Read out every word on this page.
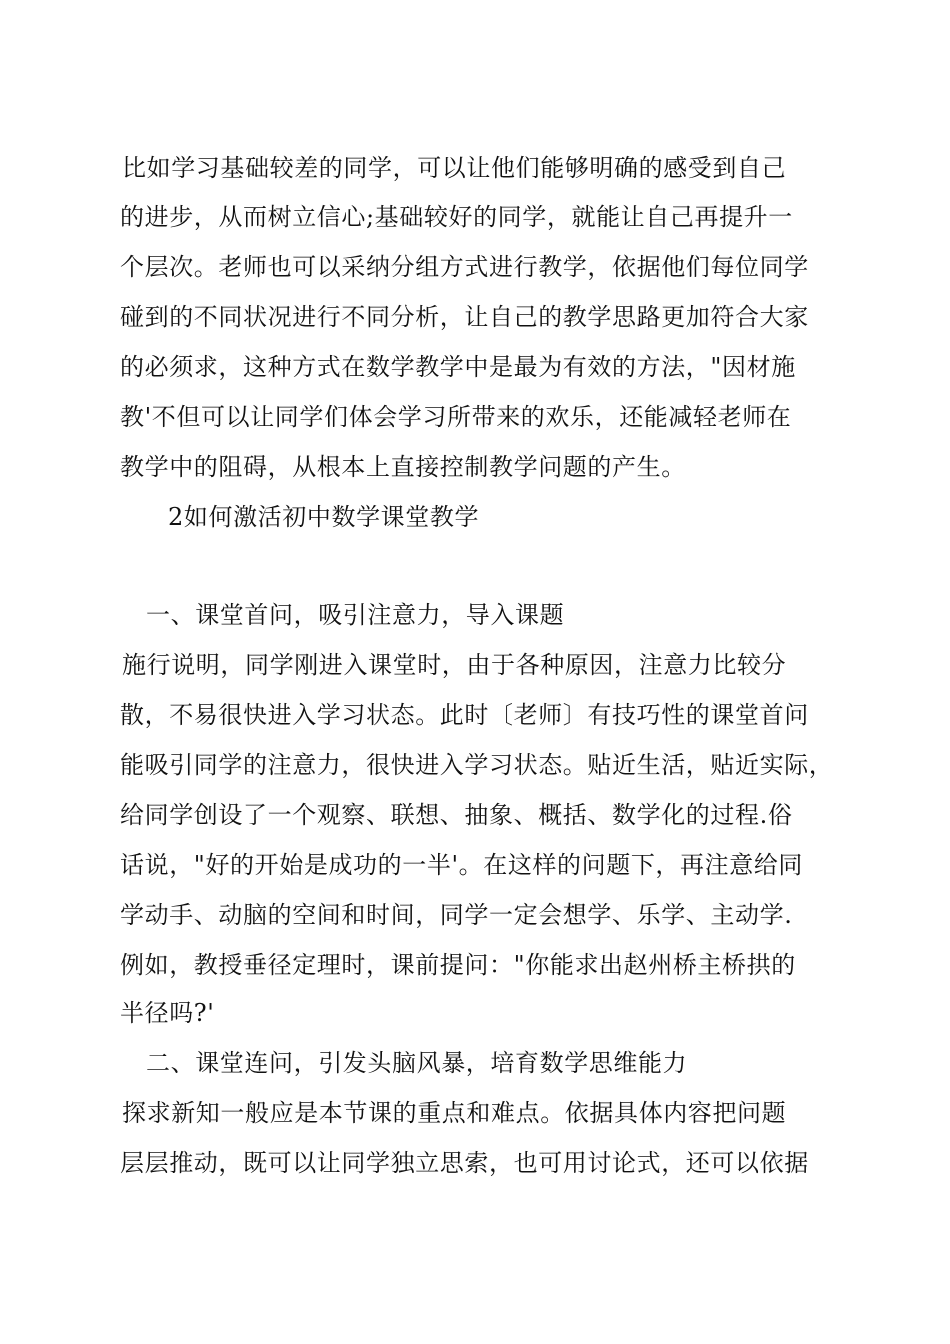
比如学习基础较差的同学，可以让他们能够明确的感受到自己
的进步，从而树立信心;基础较好的同学，就能让自己再提升一
个层次。老师也可以采纳分组方式进行教学，依据他们每位同学
碰到的不同状况进行不同分析，让自己的教学思路更加符合大家
的必须求，这种方式在数学教学中是最为有效的方法，"因材施
教'不但可以让同学们体会学习所带来的欢乐，还能减轻老师在
教学中的阻碍，从根本上直接控制教学问题的产生。
2如何激活初中数学课堂教学
一、课堂首问，吸引注意力，导入课题
施行说明，同学刚进入课堂时，由于各种原因，注意力比较分
散，不易很快进入学习状态。此时〔老师〕有技巧性的课堂首问
能吸引同学的注意力，很快进入学习状态。贴近生活，贴近实际，
给同学创设了一个观察、联想、抽象、概括、数学化的过程.俗
话说，"好的开始是成功的一半'。在这样的问题下，再注意给同
学动手、动脑的空间和时间，同学一定会想学、乐学、主动学.
例如，教授垂径定理时，课前提问："你能求出赵州桥主桥拱的
半径吗?'
二、课堂连问，引发头脑风暴，培育数学思维能力
探求新知一般应是本节课的重点和难点。依据具体内容把问题
层层推动，既可以让同学独立思索，也可用讨论式，还可以依据
